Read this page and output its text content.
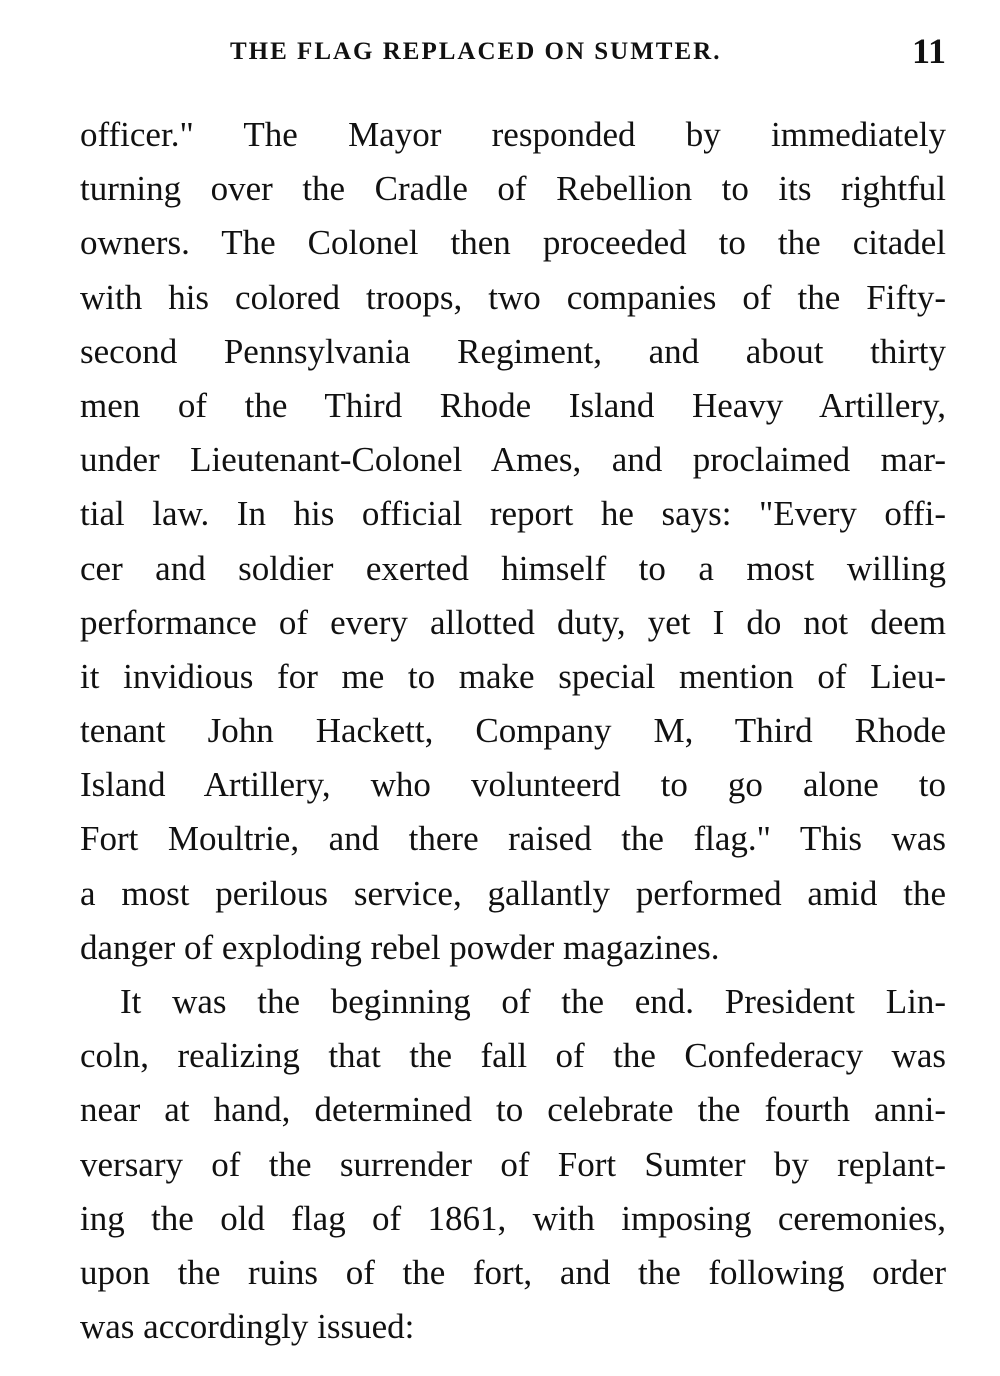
THE FLAG REPLACED ON SUMTER.	11
officer." The Mayor responded by immediately
turning over the Cradle of Rebellion to its rightful
owners. The Colonel then proceeded to the citadel
with his colored troops, two companies of the Fifty-
second Pennsylvania Regiment, and about thirty
men of the Third Rhode Island Heavy Artillery,
under Lieutenant-Colonel Ames, and proclaimed mar-
tial law. In his official report he says: "Every offi-
cer and soldier exerted himself to a most willing
performance of every allotted duty, yet I do not deem
it invidious for me to make special mention of Lieu-
tenant John Hackett, Company M, Third Rhode
Island Artillery, who volunteerd to go alone to
Fort Moultrie, and there raised the flag." This was
a most perilous service, gallantly performed amid the
danger of exploding rebel powder magazines.
It was the beginning of the end. President Lin-
coln, realizing that the fall of the Confederacy was
near at hand, determined to celebrate the fourth anni-
versary of the surrender of Fort Sumter by replant-
ing the old flag of 1861, with imposing ceremonies,
upon the ruins of the fort, and the following order
was accordingly issued:
